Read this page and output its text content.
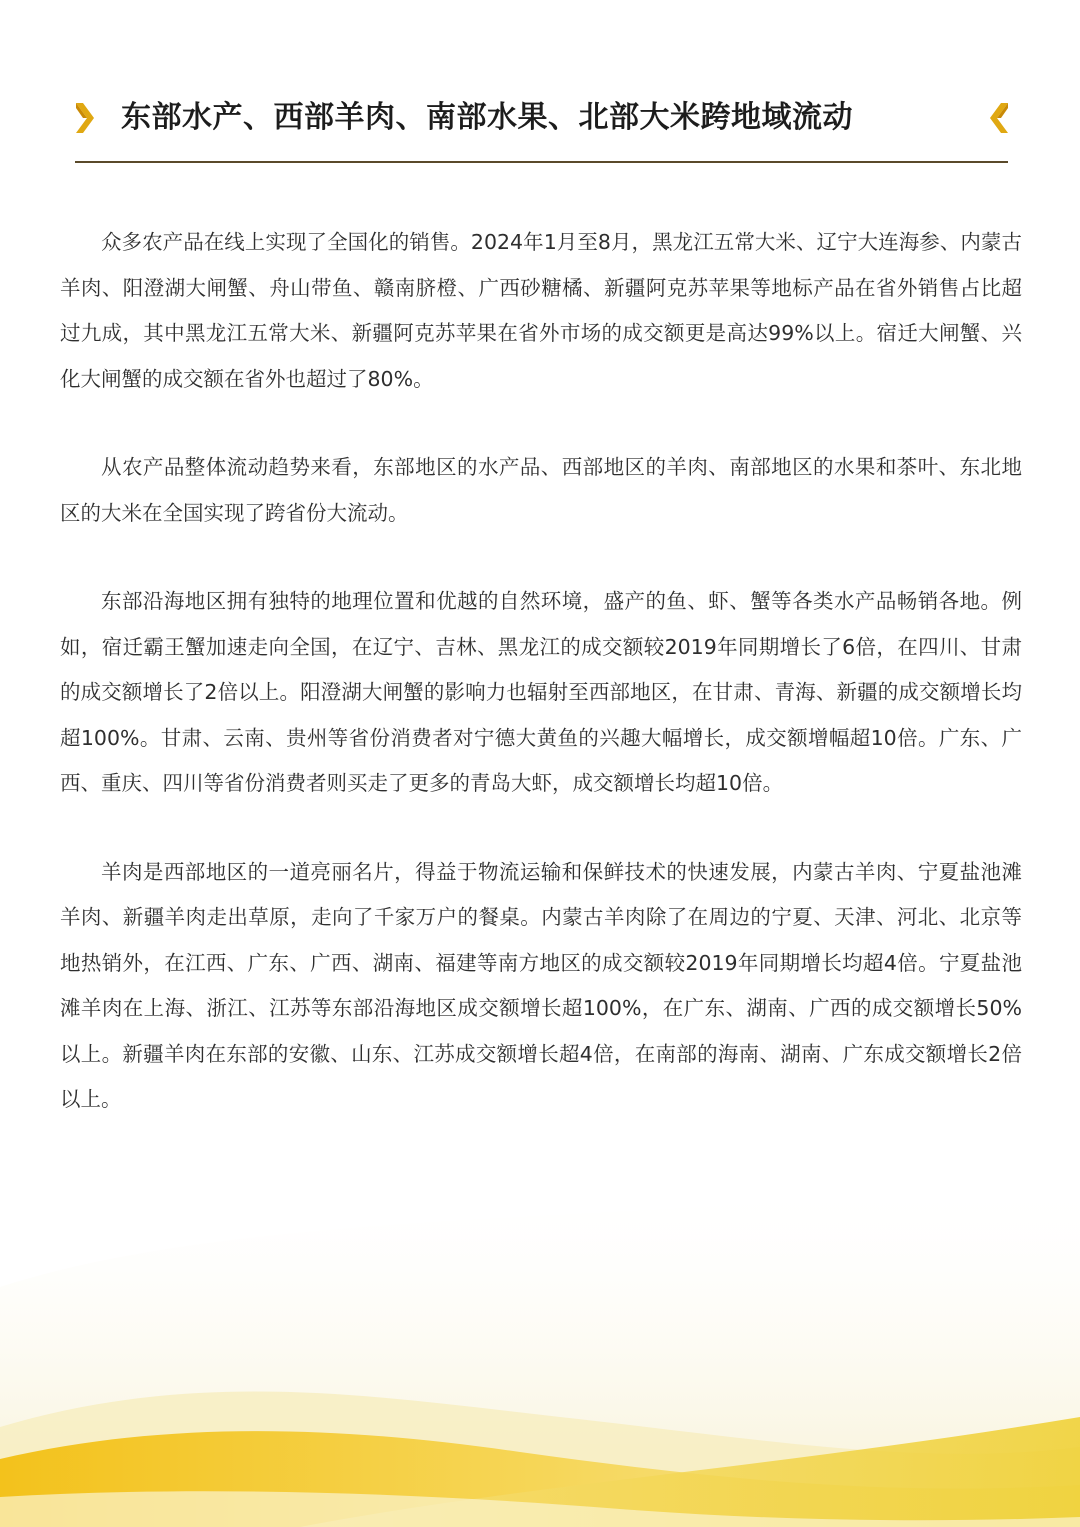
东部水产、西部羊肉、南部水果、北部大米跨地域流动

众多农产品在线上实现了全国化的销售。2024年1月至8月，黑龙江五常大米、辽宁大连海参、内蒙古羊肉、阳澄湖大闸蟹、舟山带鱼、赣南脐橙、广西砂糖橘、新疆阿克苏苹果等地标产品在省外销售占比超过九成，其中黑龙江五常大米、新疆阿克苏苹果在省外市场的成交额更是高达99%以上。宿迁大闸蟹、兴化大闸蟹的成交额在省外也超过了80%。

从农产品整体流动趋势来看，东部地区的水产品、西部地区的羊肉、南部地区的水果和茶叶、东北地区的大米在全国实现了跨省份大流动。

东部沿海地区拥有独特的地理位置和优越的自然环境，盛产的鱼、虾、蟹等各类水产品畅销各地。例如，宿迁霸王蟹加速走向全国，在辽宁、吉林、黑龙江的成交额较2019年同期增长了6倍，在四川、甘肃的成交额增长了2倍以上。阳澄湖大闸蟹的影响力也辐射至西部地区，在甘肃、青海、新疆的成交额增长均超100%。甘肃、云南、贵州等省份消费者对宁德大黄鱼的兴趣大幅增长，成交额增幅超10倍。广东、广西、重庆、四川等省份消费者则买走了更多的青岛大虾，成交额增长均超10倍。

羊肉是西部地区的一道亮丽名片，得益于物流运输和保鲜技术的快速发展，内蒙古羊肉、宁夏盐池滩羊肉、新疆羊肉走出草原，走向了千家万户的餐桌。内蒙古羊肉除了在周边的宁夏、天津、河北、北京等地热销外，在江西、广东、广西、湖南、福建等南方地区的成交额较2019年同期增长均超4倍。宁夏盐池滩羊肉在上海、浙江、江苏等东部沿海地区成交额增长超100%，在广东、湖南、广西的成交额增长50%以上。新疆羊肉在东部的安徽、山东、江苏成交额增长超4倍，在南部的海南、湖南、广东成交额增长2倍以上。
